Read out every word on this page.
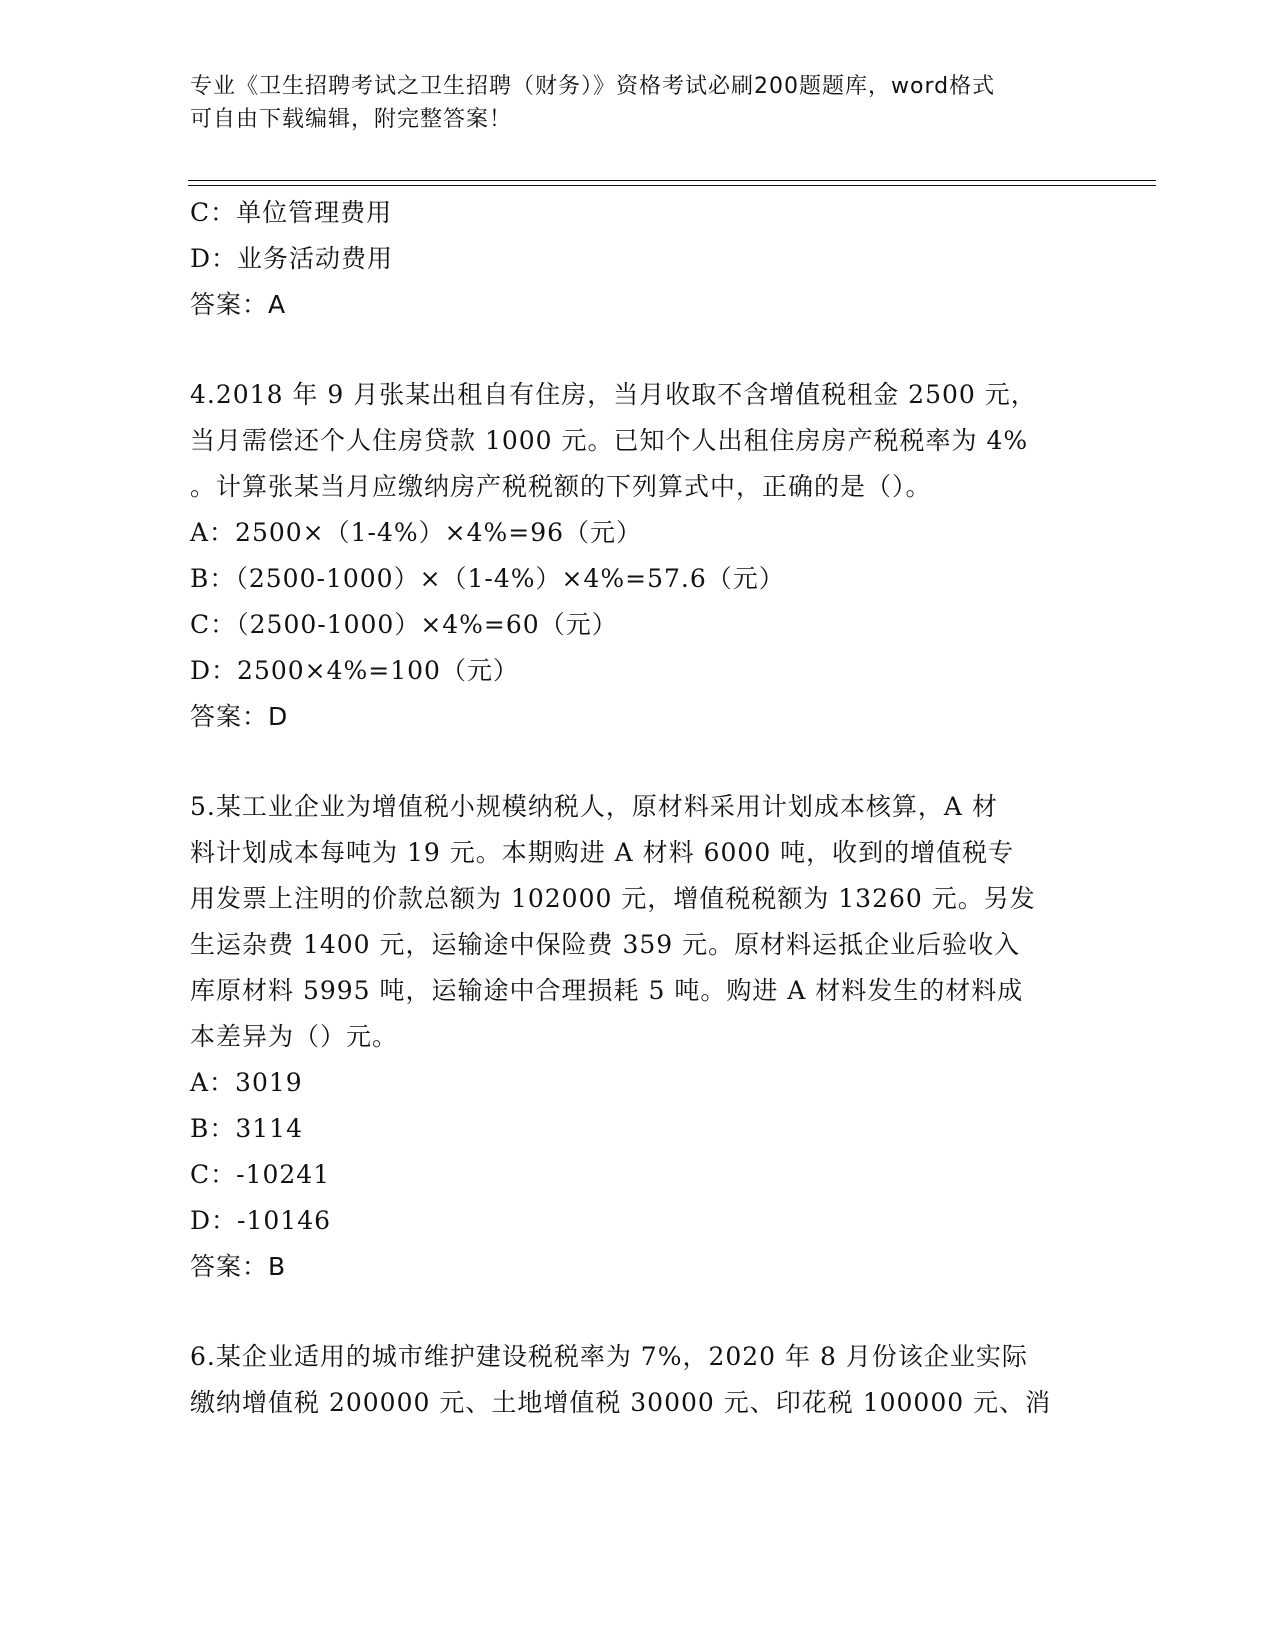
专业《卫生招聘考试之卫生招聘（财务）》资格考试必刷200题题库，word格式
可自由下载编辑，附完整答案！
C：单位管理费用
D：业务活动费用
答案：A
4.2018 年 9 月张某出租自有住房，当月收取不含增值税租金 2500 元，
当月需偿还个人住房贷款 1000 元。已知个人出租住房房产税税率为 4%
。计算张某当月应缴纳房产税税额的下列算式中，正确的是（）。
A：2500×（1-4%）×4%=96（元）
B：（2500-1000）×（1-4%）×4%=57.6（元）
C：（2500-1000）×4%=60（元）
D：2500×4%=100（元）
答案：D
5.某工业企业为增值税小规模纳税人，原材料采用计划成本核算，A 材
料计划成本每吨为 19 元。本期购进 A 材料 6000 吨，收到的增值税专
用发票上注明的价款总额为 102000 元，增值税税额为 13260 元。另发
生运杂费 1400 元，运输途中保险费 359 元。原材料运抵企业后验收入
库原材料 5995 吨，运输途中合理损耗 5 吨。购进 A 材料发生的材料成
本差异为（）元。
A：3019
B：3114
C：-10241
D：-10146
答案：B
6.某企业适用的城市维护建设税税率为 7%，2020 年 8 月份该企业实际
缴纳增值税 200000 元、土地增值税 30000 元、印花税 100000 元、消
